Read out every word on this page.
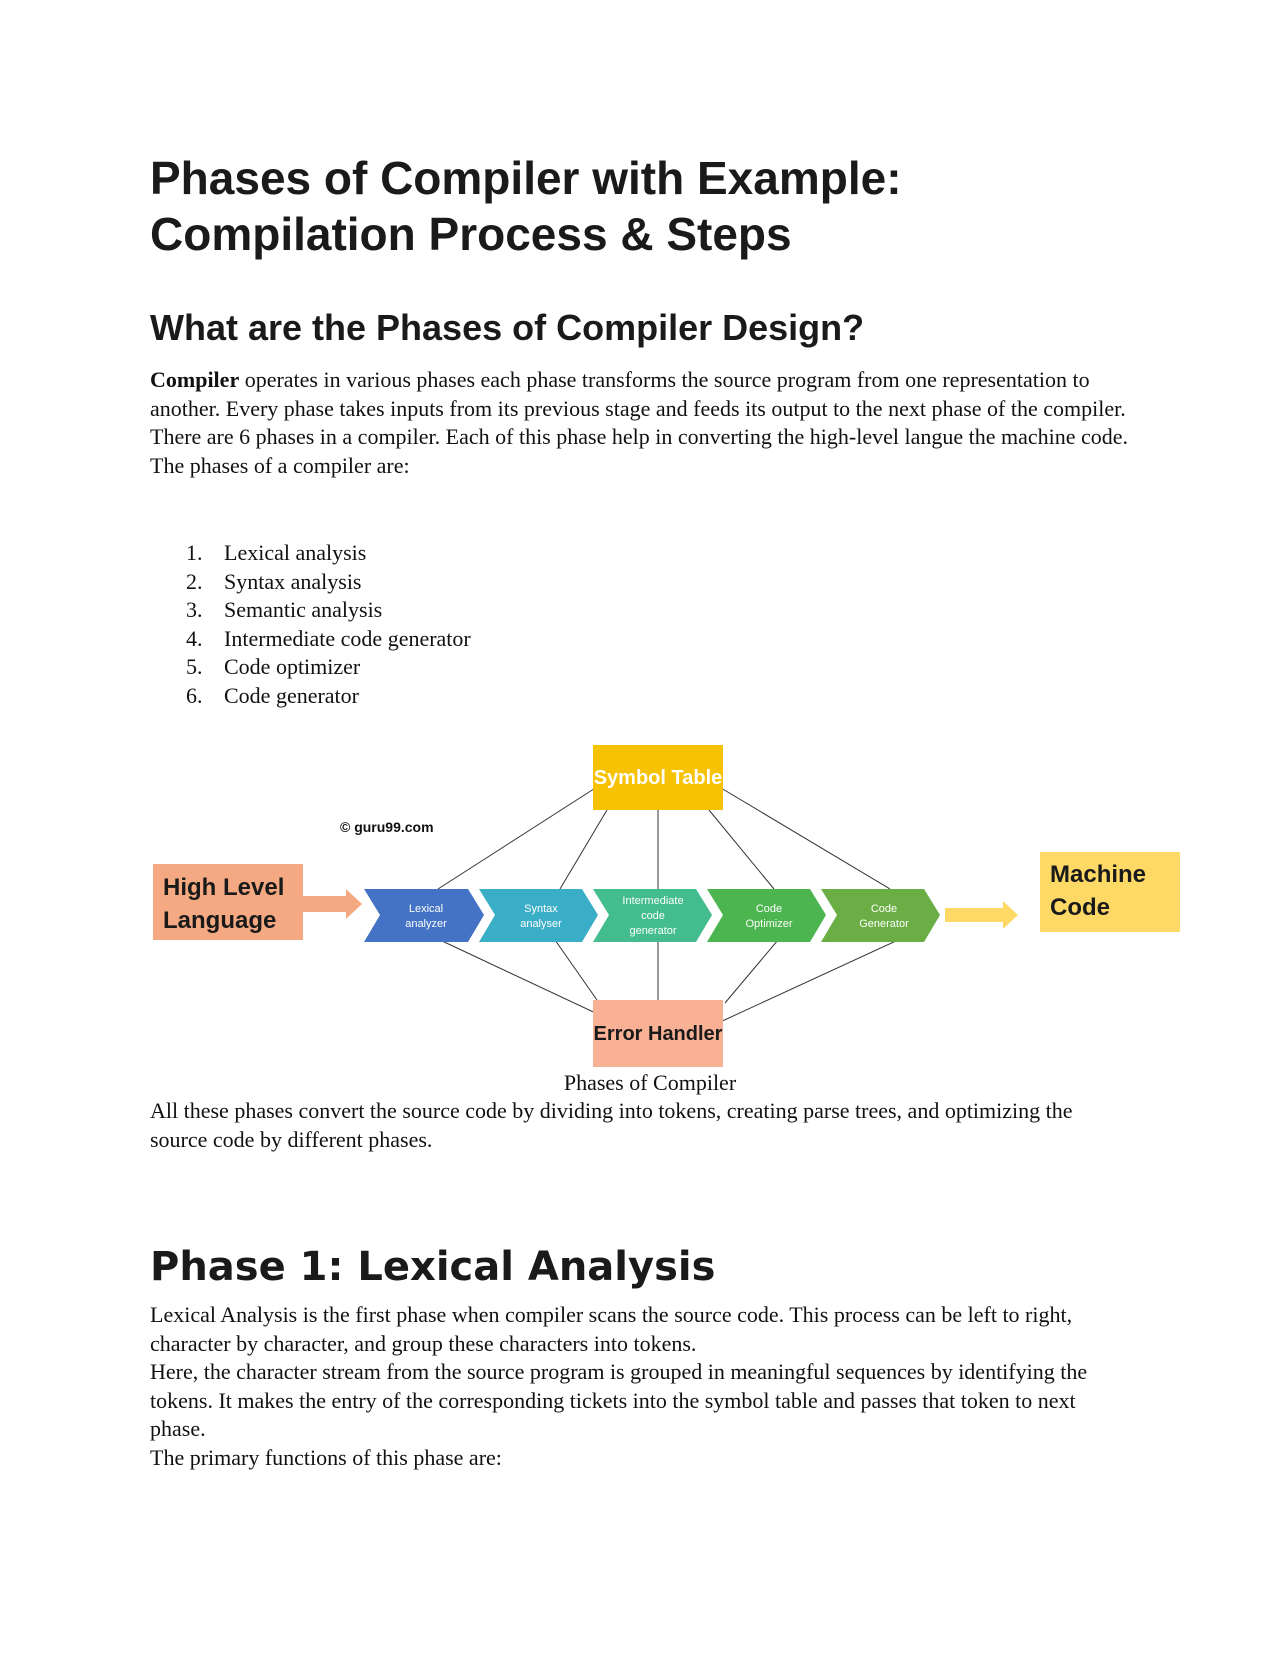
Phases of Compiler with Example: Compilation Process & Steps
What are the Phases of Compiler Design?

Compiler operates in various phases each phase transforms the source program from one representation to another. Every phase takes inputs from its previous stage and feeds its output to the next phase of the compiler.

There are 6 phases in a compiler. Each of this phase help in converting the high-level langue the machine code. The phases of a compiler are:

1. Lexical analysis
2. Syntax analysis
3. Semantic analysis
4. Intermediate code generator
5. Code optimizer
6. Code generator
Symbol Table
© guru99.com
High Level
Language	Lexical
analyzer
Syntax
analyser
Intermediate
code
generator
Code
Optimizer
Code
Generator
Machine
Code
Error Handler

Phases of Compiler

All these phases convert the source code by dividing into tokens, creating parse trees, and optimizing the source code by different phases.

Phase 1: Lexical Analysis

Lexical Analysis is the first phase when compiler scans the source code. This process can be left to right, character by character, and group these characters into tokens.

Here, the character stream from the source program is grouped in meaningful sequences by identifying the tokens. It makes the entry of the corresponding tickets into the symbol table and passes that token to next phase.

The primary functions of this phase are:
